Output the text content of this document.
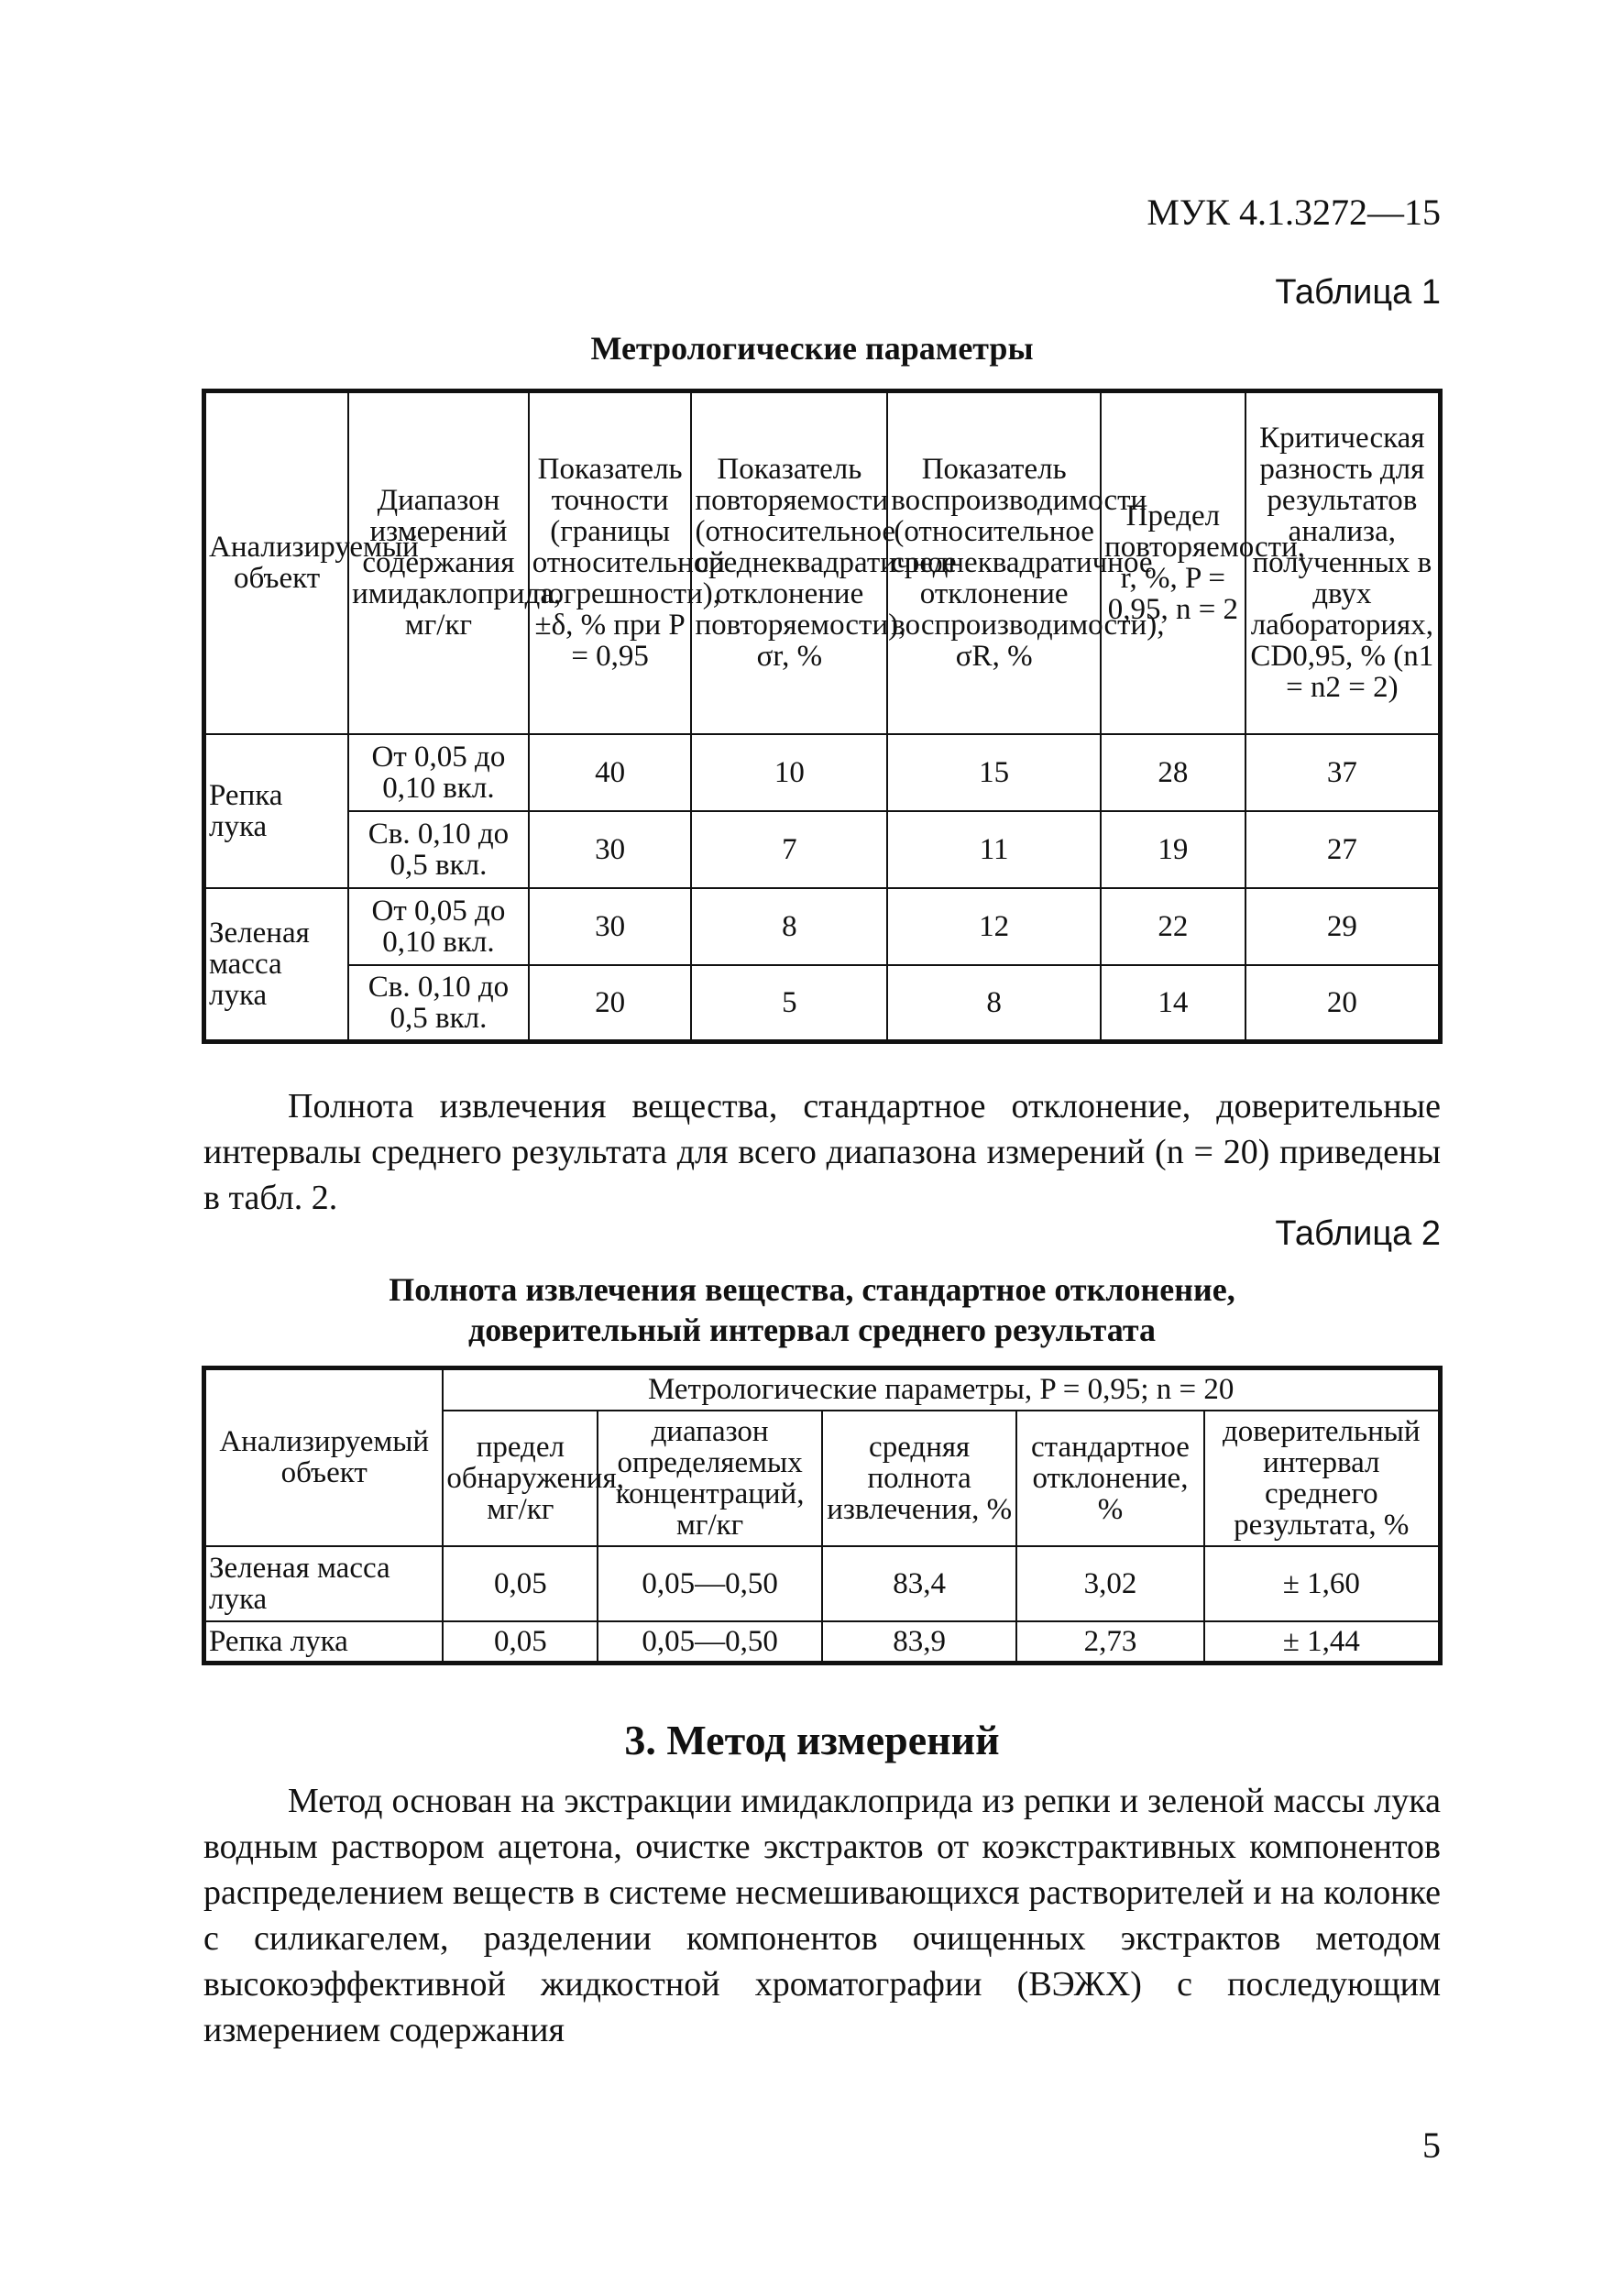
МУК 4.1.3272—15
Таблица 1
Метрологические параметры
Анализируемый объект	Диапазон измерений содержания имидаклоприда, мг/кг	Показатель точности (границы относительной погрешности), ±δ, % при P = 0,95	Показатель повторяемости (относительное среднеквадратичное отклонение повторяемости), σr, %	Показатель воспроизводимости (относительное среднеквадратичное отклонение воспроизводимости), σR, %	Предел повторяемости, r, %, P = 0,95, n = 2	Критическая разность для результатов анализа, полученных в двух лабораториях, CD0,95, % (n1 = n2 = 2)
Репка лука	От 0,05 до 0,10 вкл.	40	10	15	28	37
	Св. 0,10 до 0,5 вкл.	30	7	11	19	27
Зеленая масса лука	От 0,05 до 0,10 вкл.	30	8	12	22	29
	Св. 0,10 до 0,5 вкл.	20	5	8	14	20

Полнота извлечения вещества, стандартное отклонение, доверительные интервалы среднего результата для всего диапазона измерений (n = 20) приведены в табл. 2.

Таблица 2
Полнота извлечения вещества, стандартное отклонение,
доверительный интервал среднего результата
Анализируемый объект	Метрологические параметры, P = 0,95; n = 20				
	предел обнаружения, мг/кг	диапазон определяемых концентраций, мг/кг	средняя полнота извлечения, %	стандартное отклонение, %	доверительный интервал среднего результата, %
Зеленая масса лука	0,05	0,05—0,50	83,4	3,02	± 1,60
Репка лука	0,05	0,05—0,50	83,9	2,73	± 1,44
3. Метод измерений

Метод основан на экстракции имидаклоприда из репки и зеленой массы лука водным раствором ацетона, очистке экстрактов от коэкстрактивных компонентов распределением веществ в системе несмешивающихся растворителей и на колонке с силикагелем, разделении компонентов очищенных экстрактов методом высокоэффективной жидкостной хроматографии (ВЭЖХ) с последующим измерением содержания

5
